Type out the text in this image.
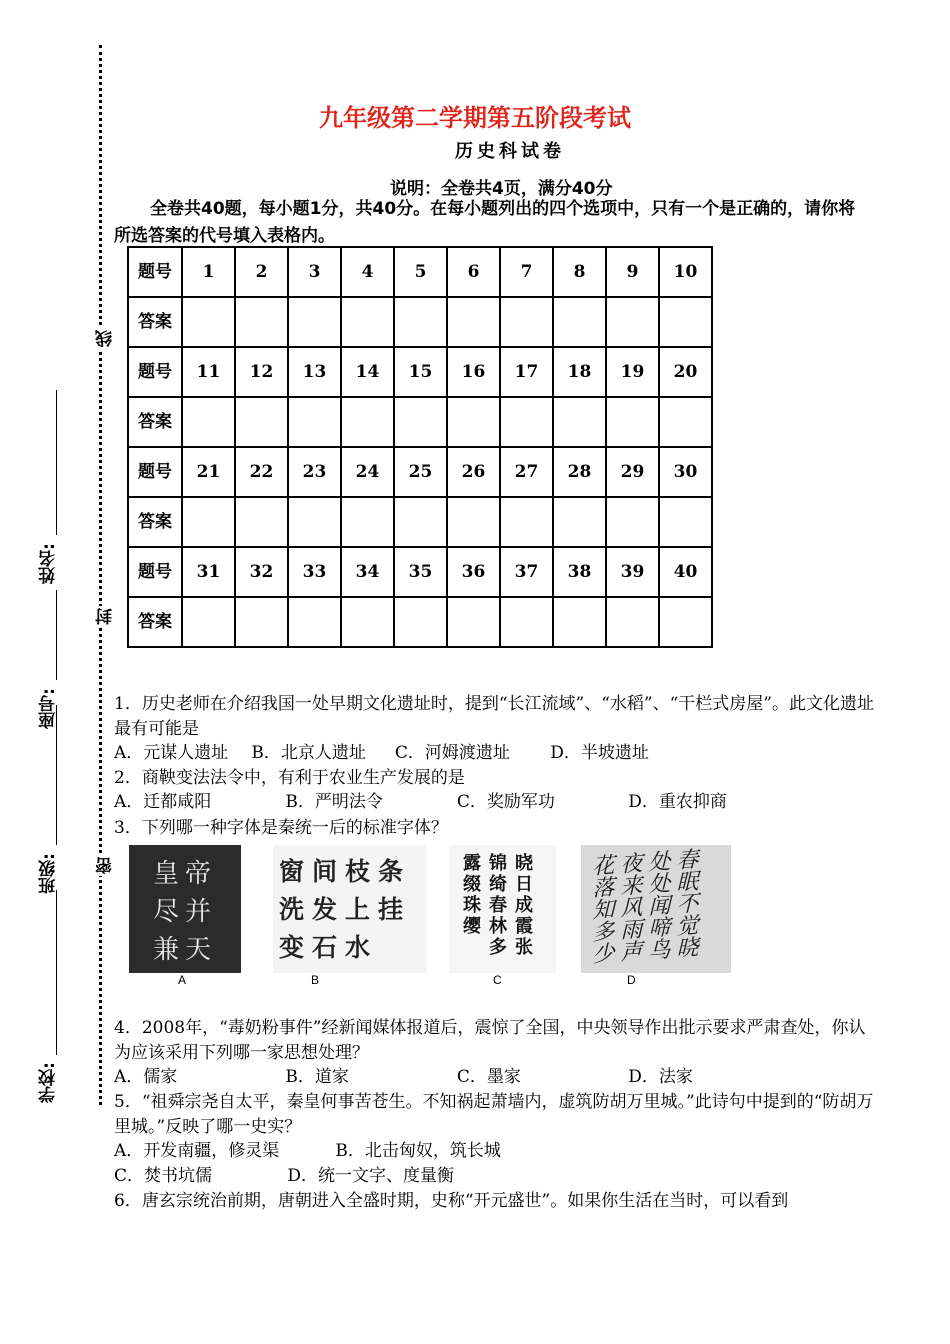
线
封
密
姓名:
座号:
班级:
学校:
九年级第二学期第五阶段考试
历史科试卷
说明：全卷共4页，满分40分
全卷共40题，每小题1分，共40分。在每小题列出的四个选项中，只有一个是正确的，请你将所选答案的代号填入表格内。
题号	1	2	3	4	5	6	7	8	9	10
答案										
题号	11	12	13	14	15	16	17	18	19	20
答案										
题号	21	22	23	24	25	26	27	28	29	30
答案										
题号	31	32	33	34	35	36	37	38	39	40
答案										
1．历史老师在介绍我国一处早期文化遗址时，提到“长江流域”、“水稻”、“干栏式房屋”。此文化遗址最有可能是
A．元谋人遗址 B．北京人遗址 C．河姆渡遗址 D．半坡遗址
2．商鞅变法法令中，有利于农业生产发展的是
A．迁都咸阳	B．严明法令	C．奖励军功	D．重农抑商
3．下列哪一种字体是秦统一后的标准字体？
皇帝尽并兼天
A
窗间枝条洗发上挂变石水
B
晓日成霞张锦绮春林多露缀珠缨
C
春眠不觉晓处处闻啼鸟夜来风雨声花落知多少
D
4．2008年，“毒奶粉事件”经新闻媒体报道后，震惊了全国，中央领导作出批示要求严肃查处，你认为应该采用下列哪一家思想处理？
A．儒家	B．道家	C．墨家	D．法家
5．“祖舜宗尧自太平，秦皇何事苦苍生。不知祸起萧墙内，虚筑防胡万里城。”此诗句中提到的“防胡万里城。”反映了哪一史实？
A．开发南疆，修灵渠	B．北击匈奴，筑长城
C．焚书坑儒	D．统一文字、度量衡
6．唐玄宗统治前期，唐朝进入全盛时期，史称“开元盛世”。如果你生活在当时，可以看到
